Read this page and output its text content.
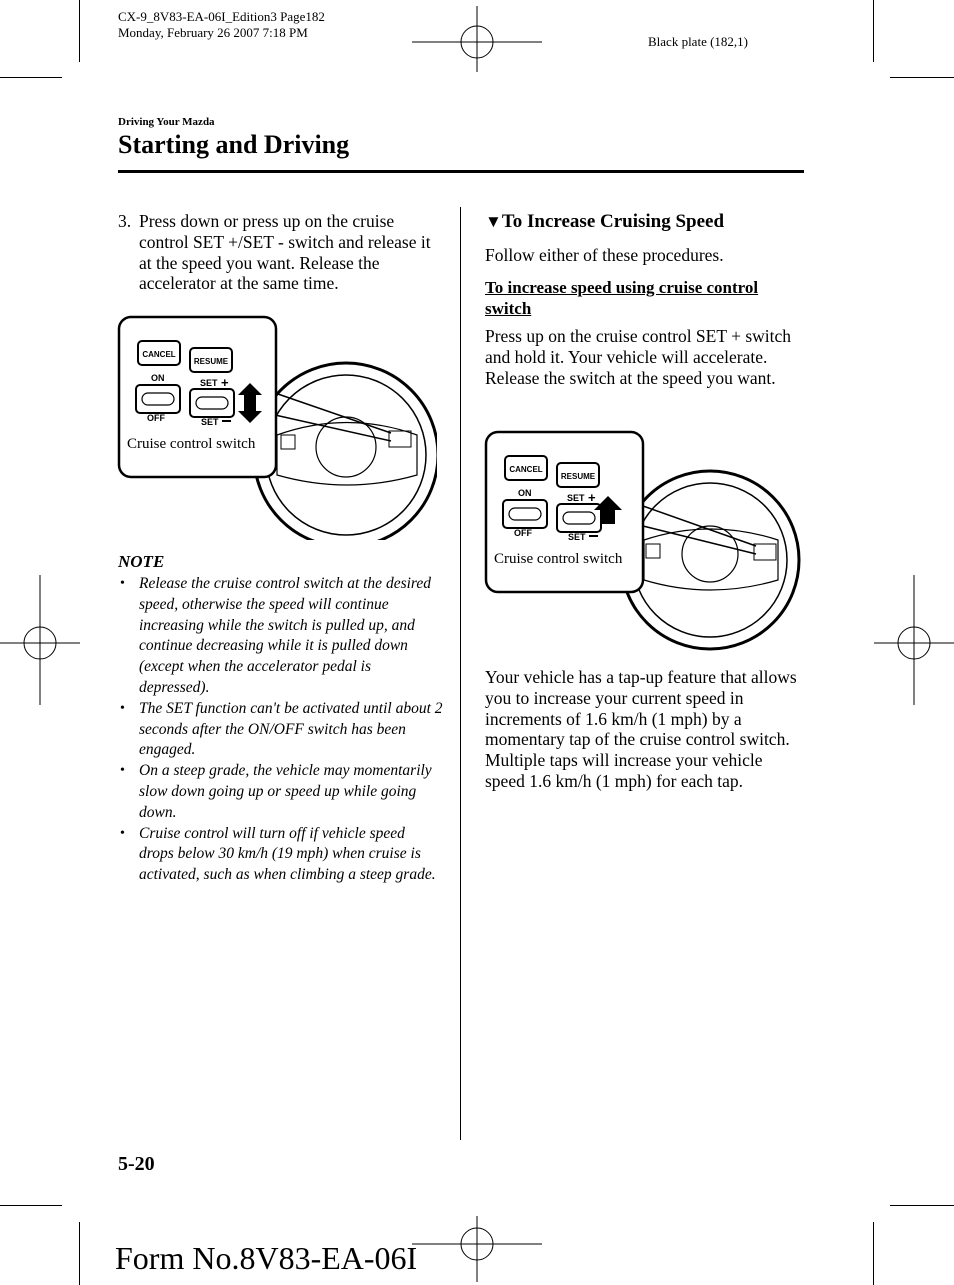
CX-9_8V83-EA-06I_Edition3 Page182
Monday, February 26 2007 7:18 PM
Black plate (182,1)
Driving Your Mazda
Starting and Driving
3. Press down or press up on the cruise control SET +/SET - switch and release it at the speed you want. Release the accelerator at the same time.
CANCEL
RESUME
ON
OFF
SET +
SET
Cruise control switch
NOTE
• Release the cruise control switch at the desired speed, otherwise the speed will continue increasing while the switch is pulled up, and continue decreasing while it is pulled down (except when the accelerator pedal is depressed).
• The SET function can't be activated until about 2 seconds after the ON/OFF switch has been engaged.
• On a steep grade, the vehicle may momentarily slow down going up or speed up while going down.
• Cruise control will turn off if vehicle speed drops below 30 km/h (19 mph) when cruise is activated, such as when climbing a steep grade.
▼To Increase Cruising Speed
Follow either of these procedures.
To increase speed using cruise control switch
Press up on the cruise control SET + switch and hold it. Your vehicle will accelerate.
Release the switch at the speed you want.
CANCEL
RESUME
ON
OFF
SET +
SET
Cruise control switch
Your vehicle has a tap-up feature that allows you to increase your current speed in increments of 1.6 km/h (1 mph) by a momentary tap of the cruise control switch. Multiple taps will increase your vehicle speed 1.6 km/h (1 mph) for each tap.
5-20
Form No.8V83-EA-06I
